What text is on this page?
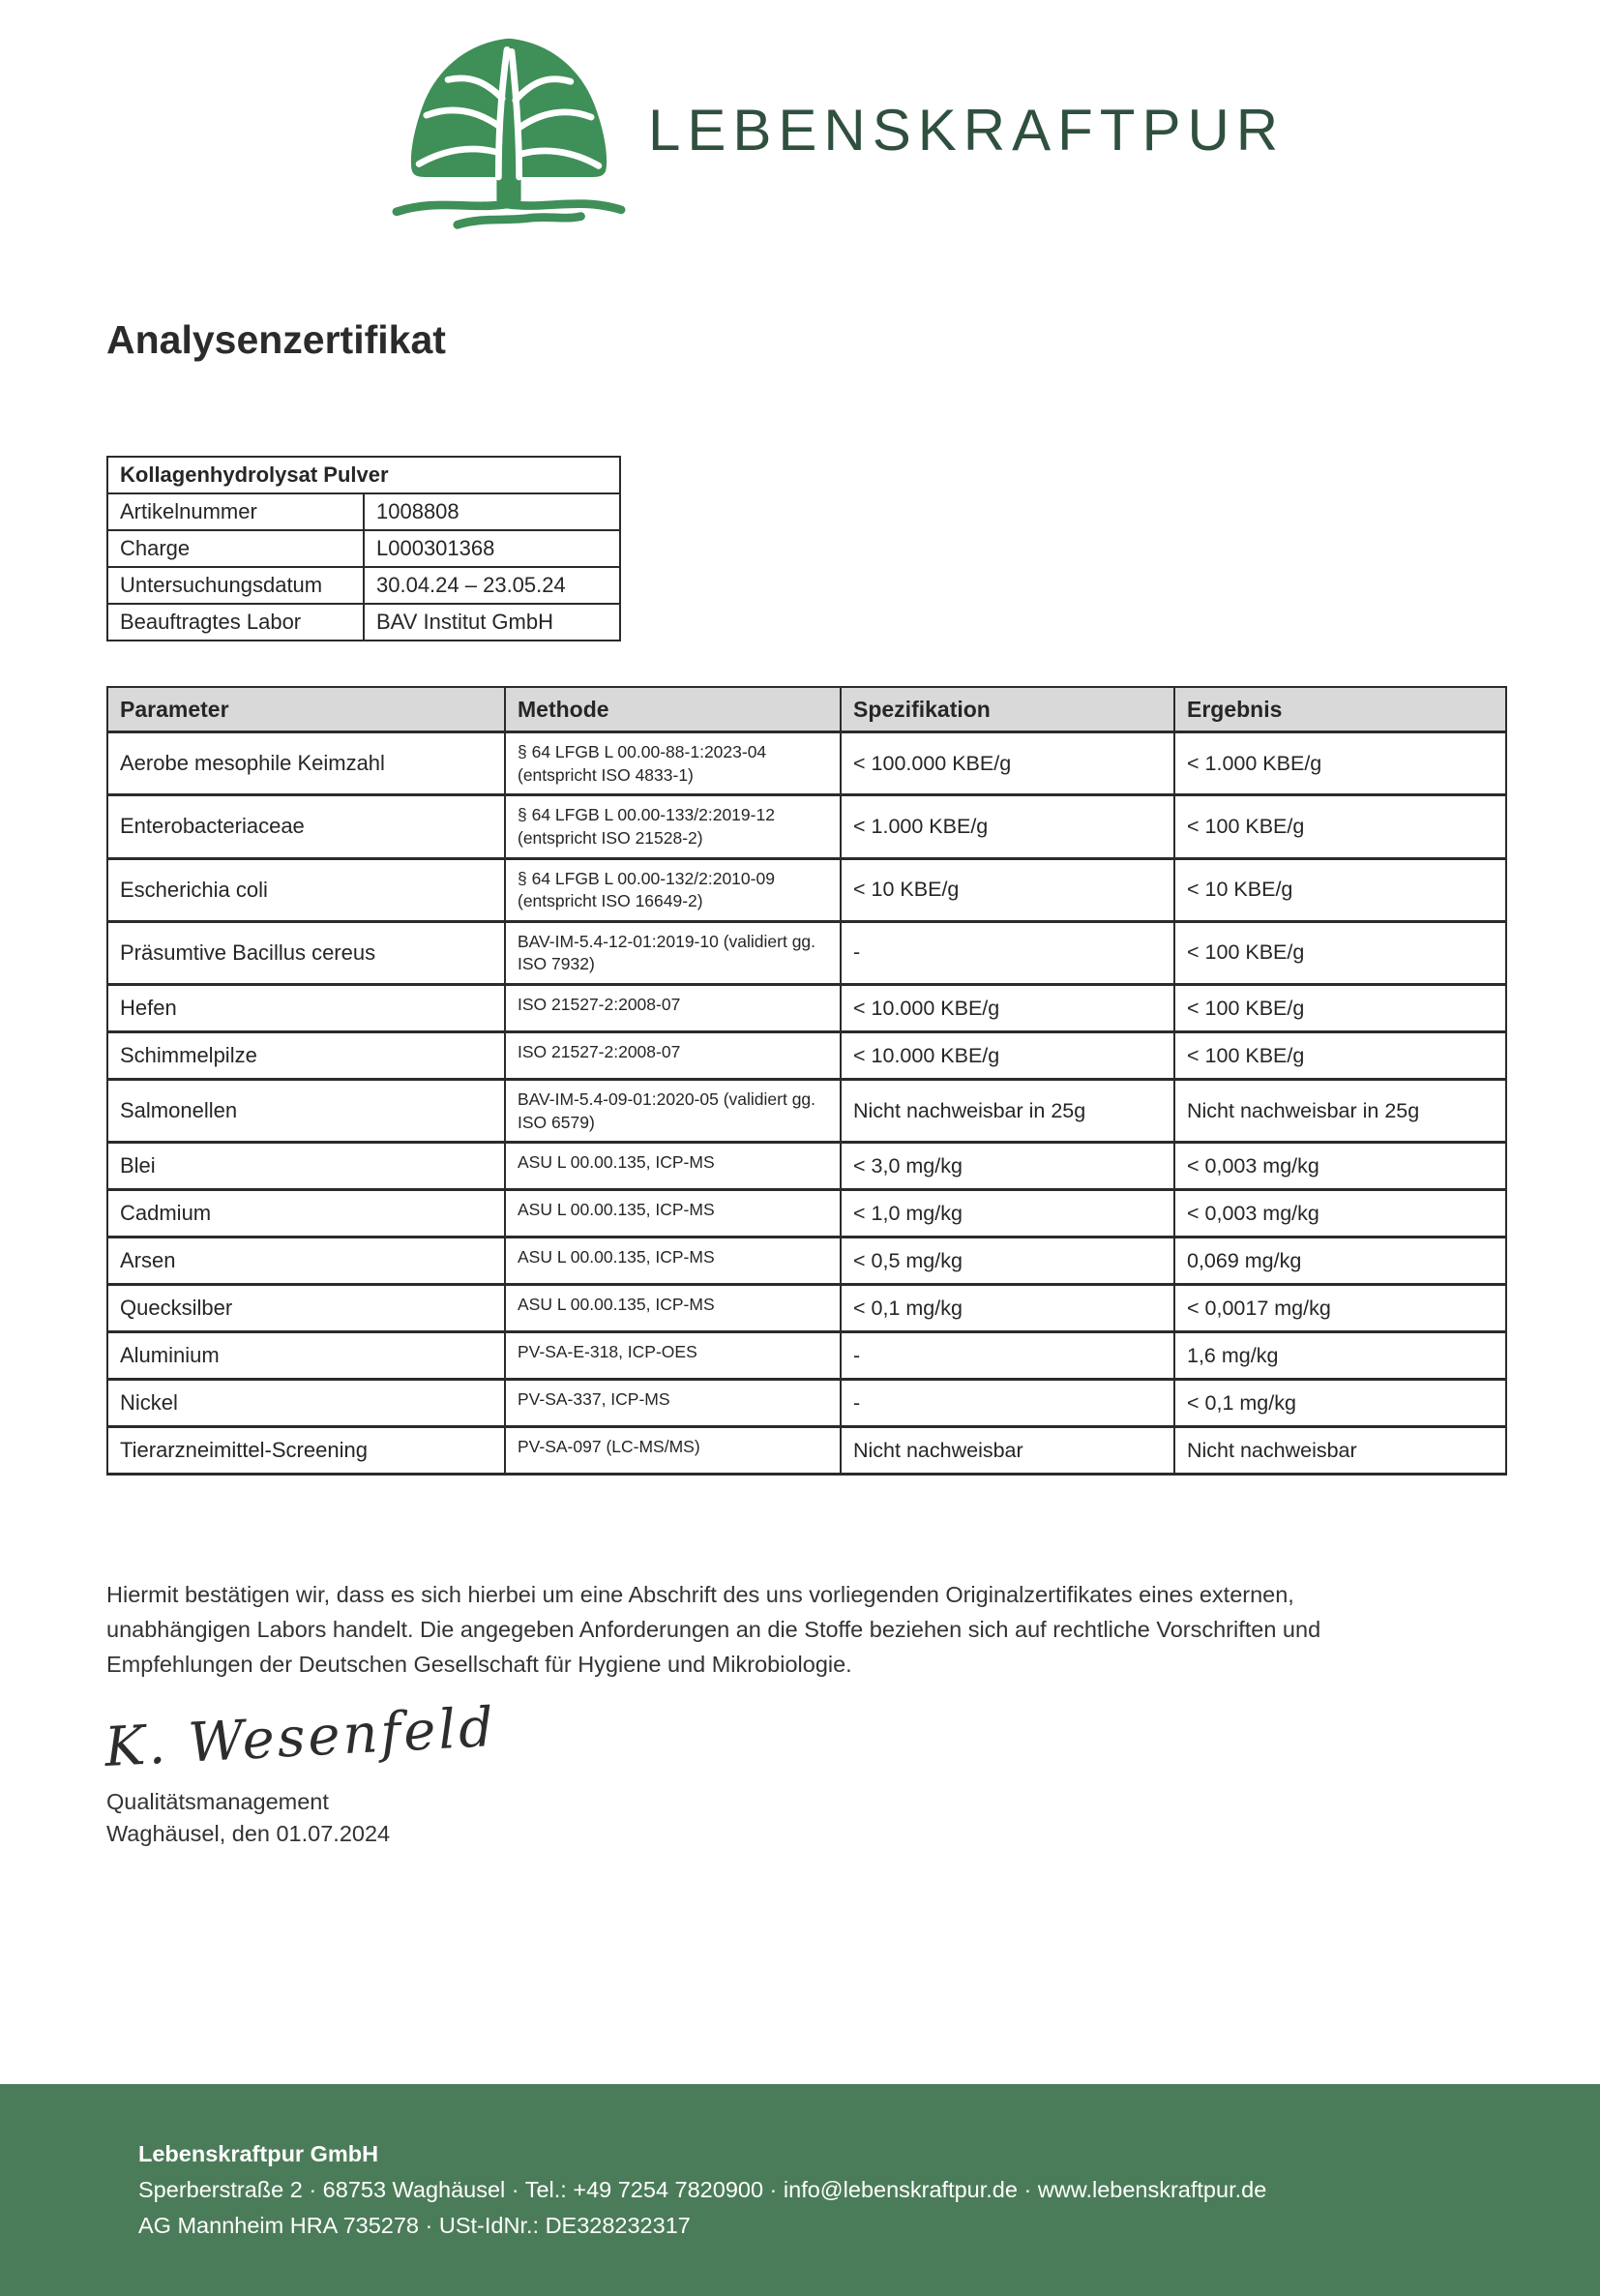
LEBENSKRAFTPUR
Analysenzertifikat
Kollagenhydrolysat Pulver	
Artikelnummer	1008808
Charge	L000301368
Untersuchungsdatum	30.04.24 – 23.05.24
Beauftragtes Labor	BAV Institut GmbH
Parameter	Methode	Spezifikation	Ergebnis
Aerobe mesophile Keimzahl	§ 64 LFGB L 00.00-88-1:2023-04 (entspricht ISO 4833-1)	< 100.000 KBE/g	< 1.000 KBE/g
Enterobacteriaceae	§ 64 LFGB L 00.00-133/2:2019-12 (entspricht ISO 21528-2)	< 1.000 KBE/g	< 100 KBE/g
Escherichia coli	§ 64 LFGB L 00.00-132/2:2010-09 (entspricht ISO 16649-2)	< 10 KBE/g	< 10 KBE/g
Präsumtive Bacillus cereus	BAV-IM-5.4-12-01:2019-10 (validiert gg. ISO 7932)	-	< 100 KBE/g
Hefen	ISO 21527-2:2008-07	< 10.000 KBE/g	< 100 KBE/g
Schimmelpilze	ISO 21527-2:2008-07	< 10.000 KBE/g	< 100 KBE/g
Salmonellen	BAV-IM-5.4-09-01:2020-05 (validiert gg. ISO 6579)	Nicht nachweisbar in 25g	Nicht nachweisbar in 25g
Blei	ASU L 00.00.135, ICP-MS	< 3,0 mg/kg	< 0,003 mg/kg
Cadmium	ASU L 00.00.135, ICP-MS	< 1,0 mg/kg	< 0,003 mg/kg
Arsen	ASU L 00.00.135, ICP-MS	< 0,5 mg/kg	0,069 mg/kg
Quecksilber	ASU L 00.00.135, ICP-MS	< 0,1 mg/kg	< 0,0017 mg/kg
Aluminium	PV-SA-E-318, ICP-OES	-	1,6 mg/kg
Nickel	PV-SA-337, ICP-MS	-	< 0,1 mg/kg
Tierarzneimittel-Screening	PV-SA-097 (LC-MS/MS)	Nicht nachweisbar	Nicht nachweisbar

Hiermit bestätigen wir, dass es sich hierbei um eine Abschrift des uns vorliegenden Originalzertifikates eines externen, unabhängigen Labors handelt. Die angegeben Anforderungen an die Stoffe beziehen sich auf rechtliche Vorschriften und Empfehlungen der Deutschen Gesellschaft für Hygiene und Mikrobiologie.

K. Wesenfeld
Qualitätsmanagement
Waghäusel, den 01.07.2024
Lebenskraftpur GmbH
Sperberstraße 2 · 68753 Waghäusel · Tel.: +49 7254 7820900 · info@lebenskraftpur.de · www.lebenskraftpur.de
AG Mannheim HRA 735278 · USt-IdNr.: DE328232317
